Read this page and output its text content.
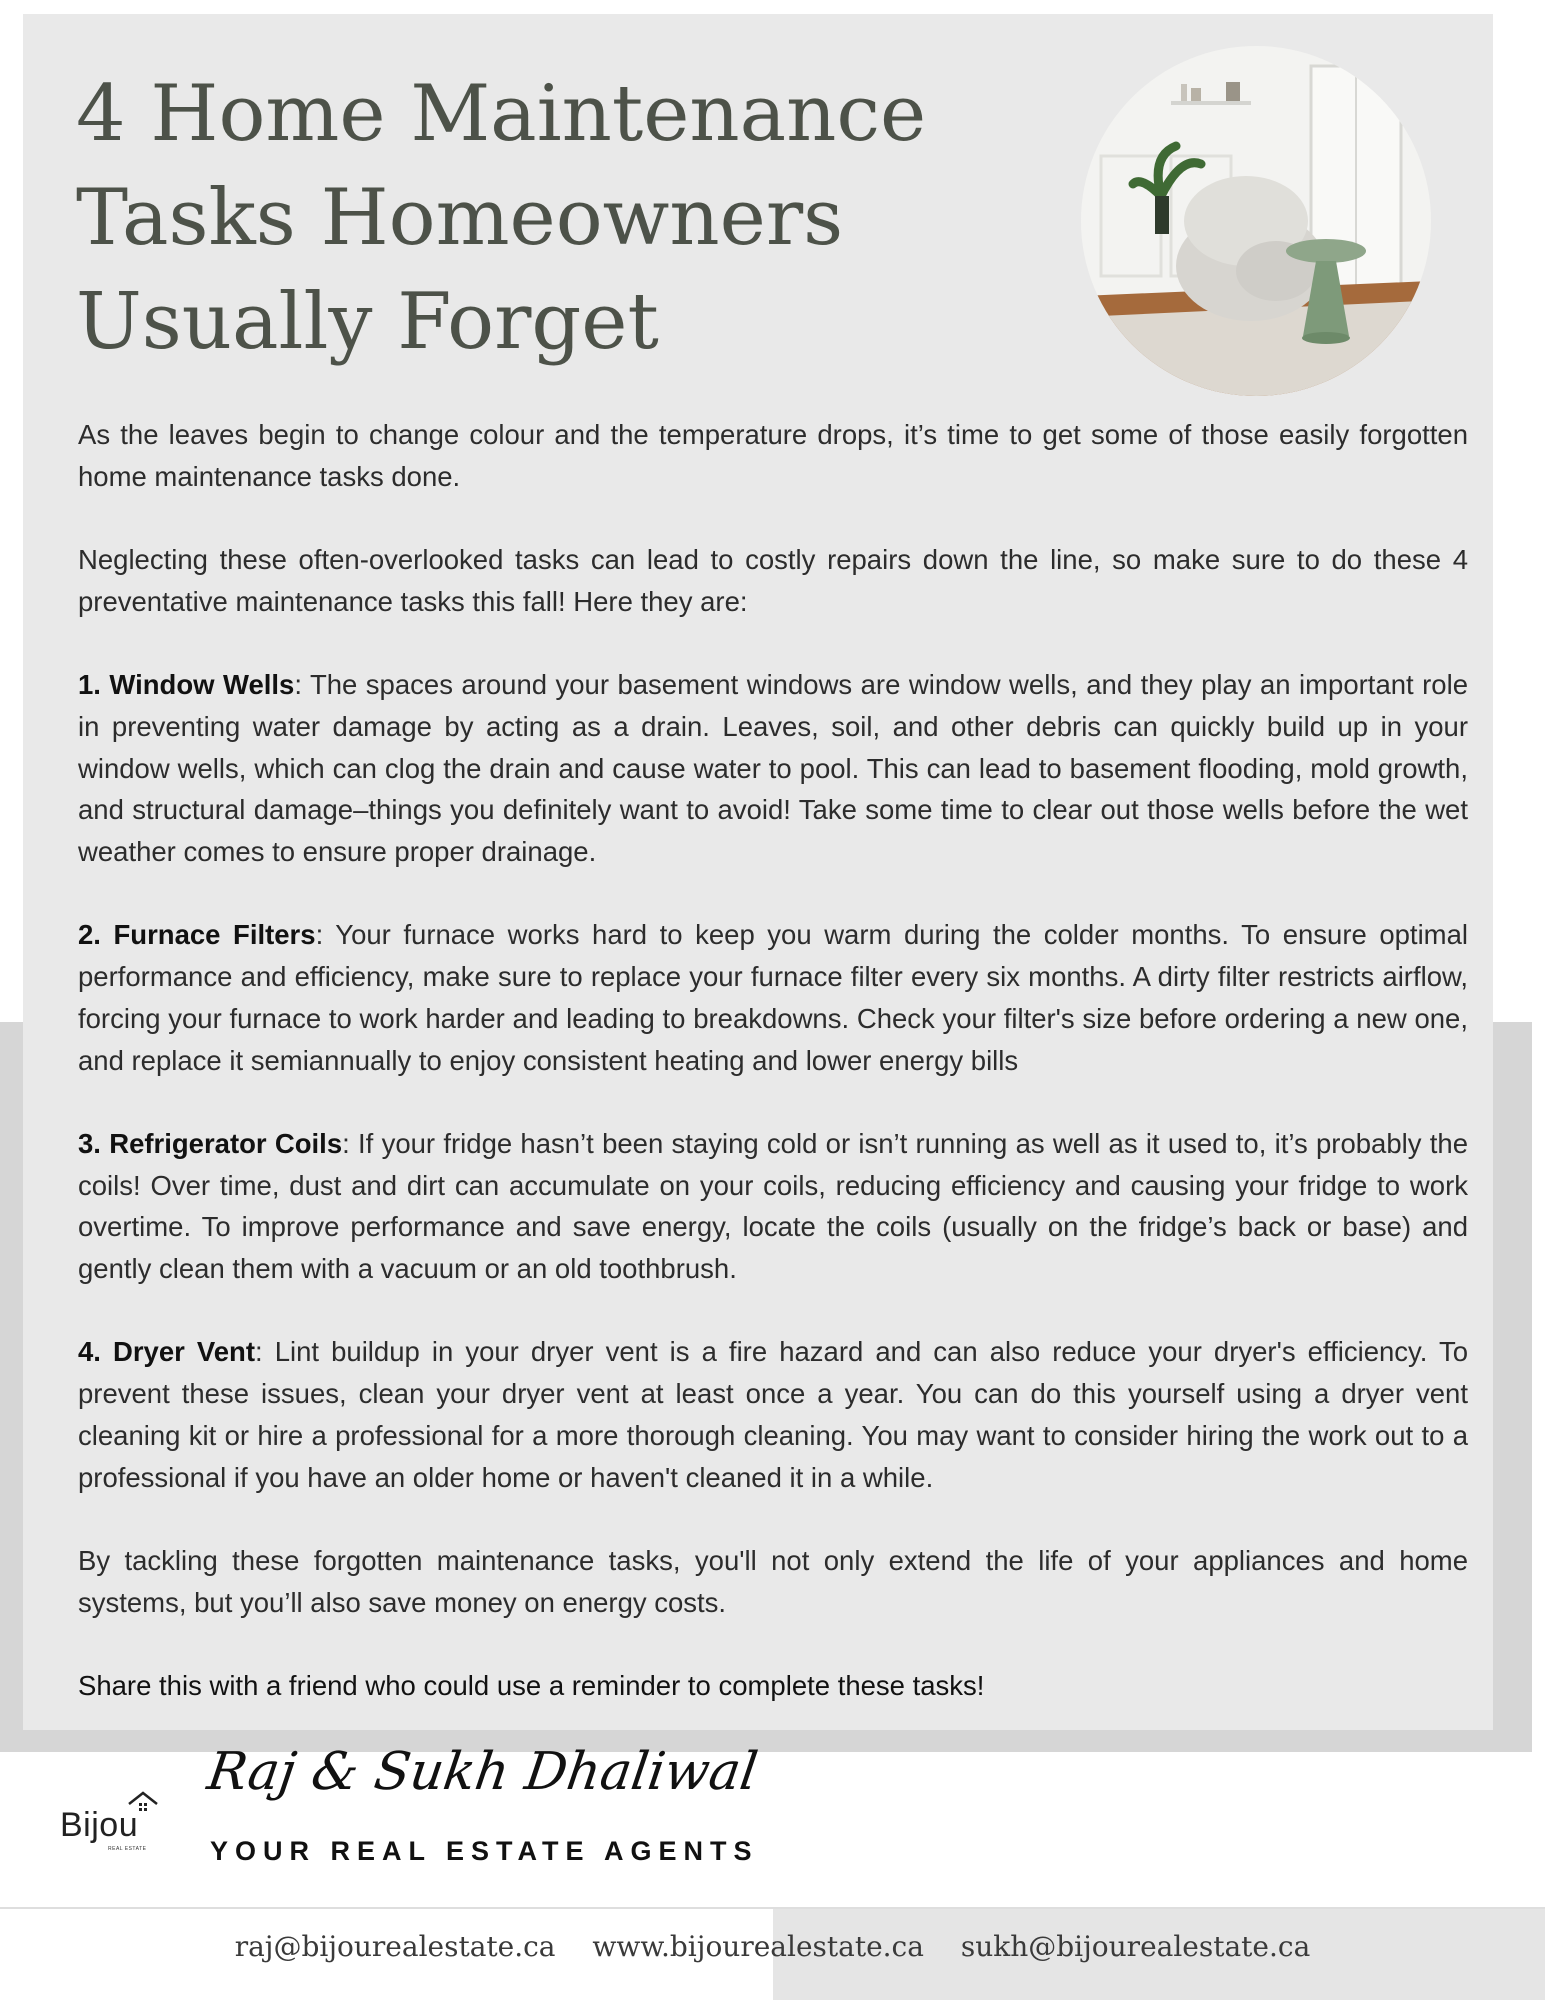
4 Home Maintenance
Tasks Homeowners
Usually Forget

As the leaves begin to change colour and the temperature drops, it’s time to get some of those easily forgotten home maintenance tasks done.

Neglecting these often-overlooked tasks can lead to costly repairs down the line, so make sure to do these 4 preventative maintenance tasks this fall! Here they are:

1. Window Wells: The spaces around your basement windows are window wells, and they play an important role in preventing water damage by acting as a drain. Leaves, soil, and other debris can quickly build up in your window wells, which can clog the drain and cause water to pool. This can lead to basement flooding, mold growth, and structural damage–things you definitely want to avoid! Take some time to clear out those wells before the wet weather comes to ensure proper drainage.

2. Furnace Filters: Your furnace works hard to keep you warm during the colder months. To ensure optimal performance and efficiency, make sure to replace your furnace filter every six months. A dirty filter restricts airflow, forcing your furnace to work harder and leading to breakdowns. Check your filter's size before ordering a new one, and replace it semiannually to enjoy consistent heating and lower energy bills

3. Refrigerator Coils: If your fridge hasn’t been staying cold or isn’t running as well as it used to, it’s probably the coils! Over time, dust and dirt can accumulate on your coils, reducing efficiency and causing your fridge to work overtime. To improve performance and save energy, locate the coils (usually on the fridge’s back or base) and gently clean them with a vacuum or an old toothbrush.

4. Dryer Vent: Lint buildup in your dryer vent is a fire hazard and can also reduce your dryer's efficiency. To prevent these issues, clean your dryer vent at least once a year. You can do this yourself using a dryer vent cleaning kit or hire a professional for a more thorough cleaning. You may want to consider hiring the work out to a professional if you have an older home or haven't cleaned it in a while.

By tackling these forgotten maintenance tasks, you'll not only extend the life of your appliances and home systems, but you’ll also save money on energy costs.

Share this with a friend who could use a reminder to complete these tasks!

Bijou
REAL ESTATE
Raj & Sukh Dhaliwal
YOUR REAL ESTATE AGENTS
raj@bijourealestate.ca www.bijourealestate.ca sukh@bijourealestate.ca
